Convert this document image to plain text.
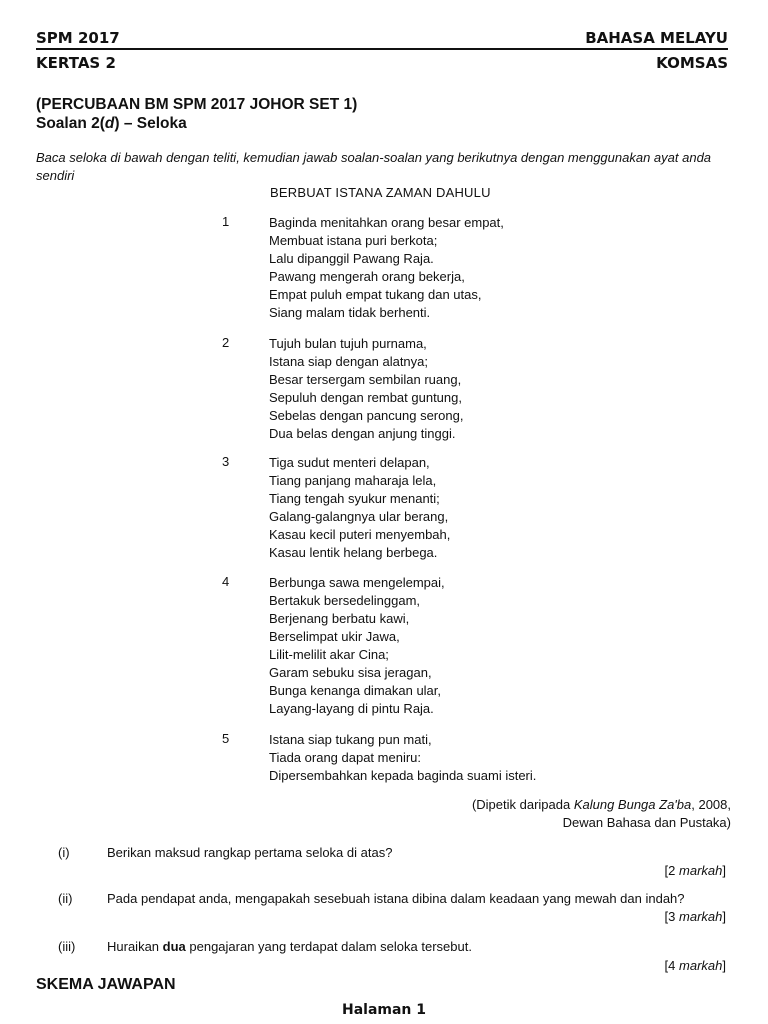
SPM 2017	BAHASA MELAYU
KERTAS 2	KOMSAS
(PERCUBAAN BM SPM 2017 JOHOR SET 1)
Soalan 2(d) – Seloka
Baca seloka di bawah dengan teliti, kemudian jawab soalan-soalan yang berikutnya dengan menggunakan ayat anda sendiri
BERBUAT ISTANA ZAMAN DAHULU
1	Baginda menitahkan orang besar empat,
Membuat istana puri berkota;
Lalu dipanggil Pawang Raja.
Pawang mengerah orang bekerja,
Empat puluh empat tukang dan utas,
Siang malam tidak berhenti.
2	Tujuh bulan tujuh purnama,
Istana siap dengan alatnya;
Besar tersergam sembilan ruang,
Sepuluh dengan rembat guntung,
Sebelas dengan pancung serong,
Dua belas dengan anjung tinggi.
3	Tiga sudut menteri delapan,
Tiang panjang maharaja lela,
Tiang tengah syukur menanti;
Galang-galangnya ular berang,
Kasau kecil puteri menyembah,
Kasau lentik helang berbega.
4	Berbunga sawa mengelempai,
Bertakuk bersedelinggam,
Berjenang berbatu kawi,
Berselimpat ukir Jawa,
Lilit-melilit akar Cina;
Garam sebuku sisa jeragan,
Bunga kenanga dimakan ular,
Layang-layang di pintu Raja.
5	Istana siap tukang pun mati,
Tiada orang dapat meniru:
Dipersembahkan kepada baginda suami isteri.
(Dipetik daripada Kalung Bunga Za'ba, 2008,
Dewan Bahasa dan Pustaka)
(i)	Berikan maksud rangkap pertama seloka di atas?
[2 markah]
(ii)	Pada pendapat anda, mengapakah sesebuah istana dibina dalam keadaan yang mewah dan indah?
[3 markah]
(iii) Huraikan dua pengajaran yang terdapat dalam seloka tersebut.
[4 markah]
SKEMA JAWAPAN
Halaman 1
